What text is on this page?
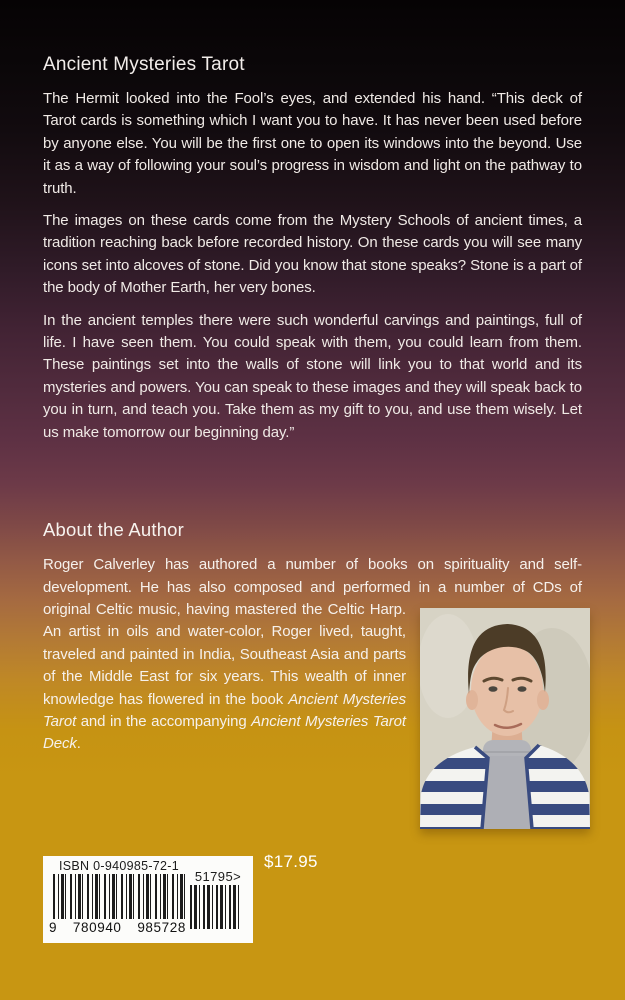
Ancient Mysteries Tarot

The Hermit looked into the Fool’s eyes, and extended his hand. “This deck of Tarot cards is something which I want you to have. It has never been used before by anyone else. You will be the first one to open its windows into the beyond. Use it as a way of following your soul’s progress in wisdom and light on the pathway to truth.

The images on these cards come from the Mystery Schools of ancient times, a tradition reaching back before recorded history. On these cards you will see many icons set into alcoves of stone. Did you know that stone speaks? Stone is a part of the body of Mother Earth, her very bones.

In the ancient temples there were such wonderful carvings and paintings, full of life. I have seen them. You could speak with them, you could learn from them. These paintings set into the walls of stone will link you to that world and its mysteries and powers. You can speak to these images and they will speak back to you in turn, and teach you. Take them as my gift to you, and use them wisely. Let us make tomorrow our beginning day.”

About the Author

Roger Calverley has authored a number of books on spirituality and self-development. He has also composed and performed in a number of CDs of
original Celtic music, having mastered the Celtic Harp. An artist in oils and water-color, Roger lived, taught, traveled and painted in India, Southeast Asia and parts of the Middle East for six years. This wealth of inner knowledge has flowered in the book Ancient Mysteries Tarot and in the accompanying Ancient Mysteries Tarot Deck.

ISBN 0-940985-72-1
9 780940 985728
51795>
$17.95
